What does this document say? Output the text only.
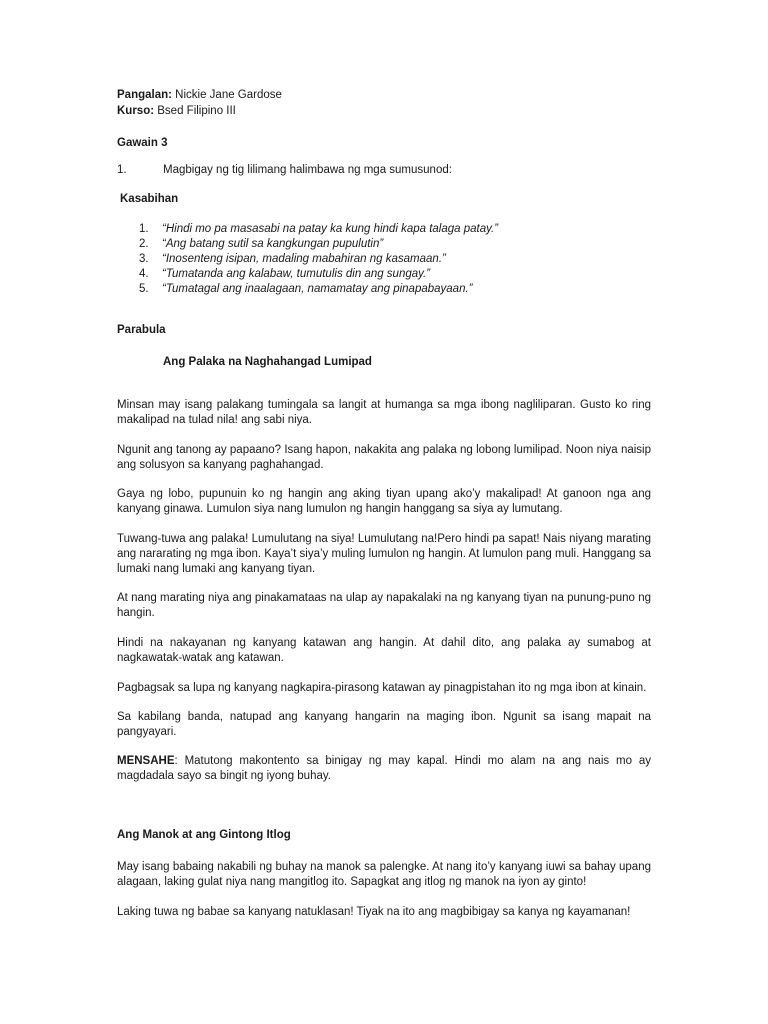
Pangalan: Nickie Jane Gardose

Kurso: Bsed Filipino III

Gawain 3

1.	Magbigay ng tig lilimang halimbawa ng mga sumusunod:

Kasabihan

1. “Hindi mo pa masasabi na patay ka kung hindi kapa talaga patay.”
2. “Ang batang sutil sa kangkungan pupulutin”
3. “Inosenteng isipan, madaling mabahiran ng kasamaan.”
4. “Tumatanda ang kalabaw, tumutulis din ang sungay.”
5. “Tumatagal ang inaalagaan, namamatay ang pinapabayaan.”

Parabula

Ang Palaka na Naghahangad Lumipad

Minsan may isang palakang tumingala sa langit at humanga sa mga ibong nagliliparan. Gusto ko ring makalipad na tulad nila! ang sabi niya.

Ngunit ang tanong ay papaano? Isang hapon, nakakita ang palaka ng lobong lumilipad. Noon niya naisip ang solusyon sa kanyang paghahangad.

Gaya ng lobo, pupunuin ko ng hangin ang aking tiyan upang ako’y makalipad! At ganoon nga ang kanyang ginawa. Lumulon siya nang lumulon ng hangin hanggang sa siya ay lumutang.

Tuwang-tuwa ang palaka! Lumulutang na siya! Lumulutang na!Pero hindi pa sapat! Nais niyang marating ang nararating ng mga ibon. Kaya’t siya’y muling lumulon ng hangin. At lumulon pang muli. Hanggang sa lumaki nang lumaki ang kanyang tiyan.

At nang marating niya ang pinakamataas na ulap ay napakalaki na ng kanyang tiyan na punung-puno ng hangin.

Hindi na nakayanan ng kanyang katawan ang hangin. At dahil dito, ang palaka ay sumabog at nagkawatak-watak ang katawan.

Pagbagsak sa lupa ng kanyang nagkapira-pirasong katawan ay pinagpistahan ito ng mga ibon at kinain.

Sa kabilang banda, natupad ang kanyang hangarin na maging ibon. Ngunit sa isang mapait na pangyayari.

MENSAHE: Matutong makontento sa binigay ng may kapal. Hindi mo alam na ang nais mo ay magdadala sayo sa bingit ng iyong buhay.

Ang Manok at ang Gintong Itlog

May isang babaing nakabili ng buhay na manok sa palengke. At nang ito’y kanyang iuwi sa bahay upang alagaan, laking gulat niya nang mangitlog ito. Sapagkat ang itlog ng manok na iyon ay ginto!

Laking tuwa ng babae sa kanyang natuklasan! Tiyak na ito ang magbibigay sa kanya ng kayamanan!
